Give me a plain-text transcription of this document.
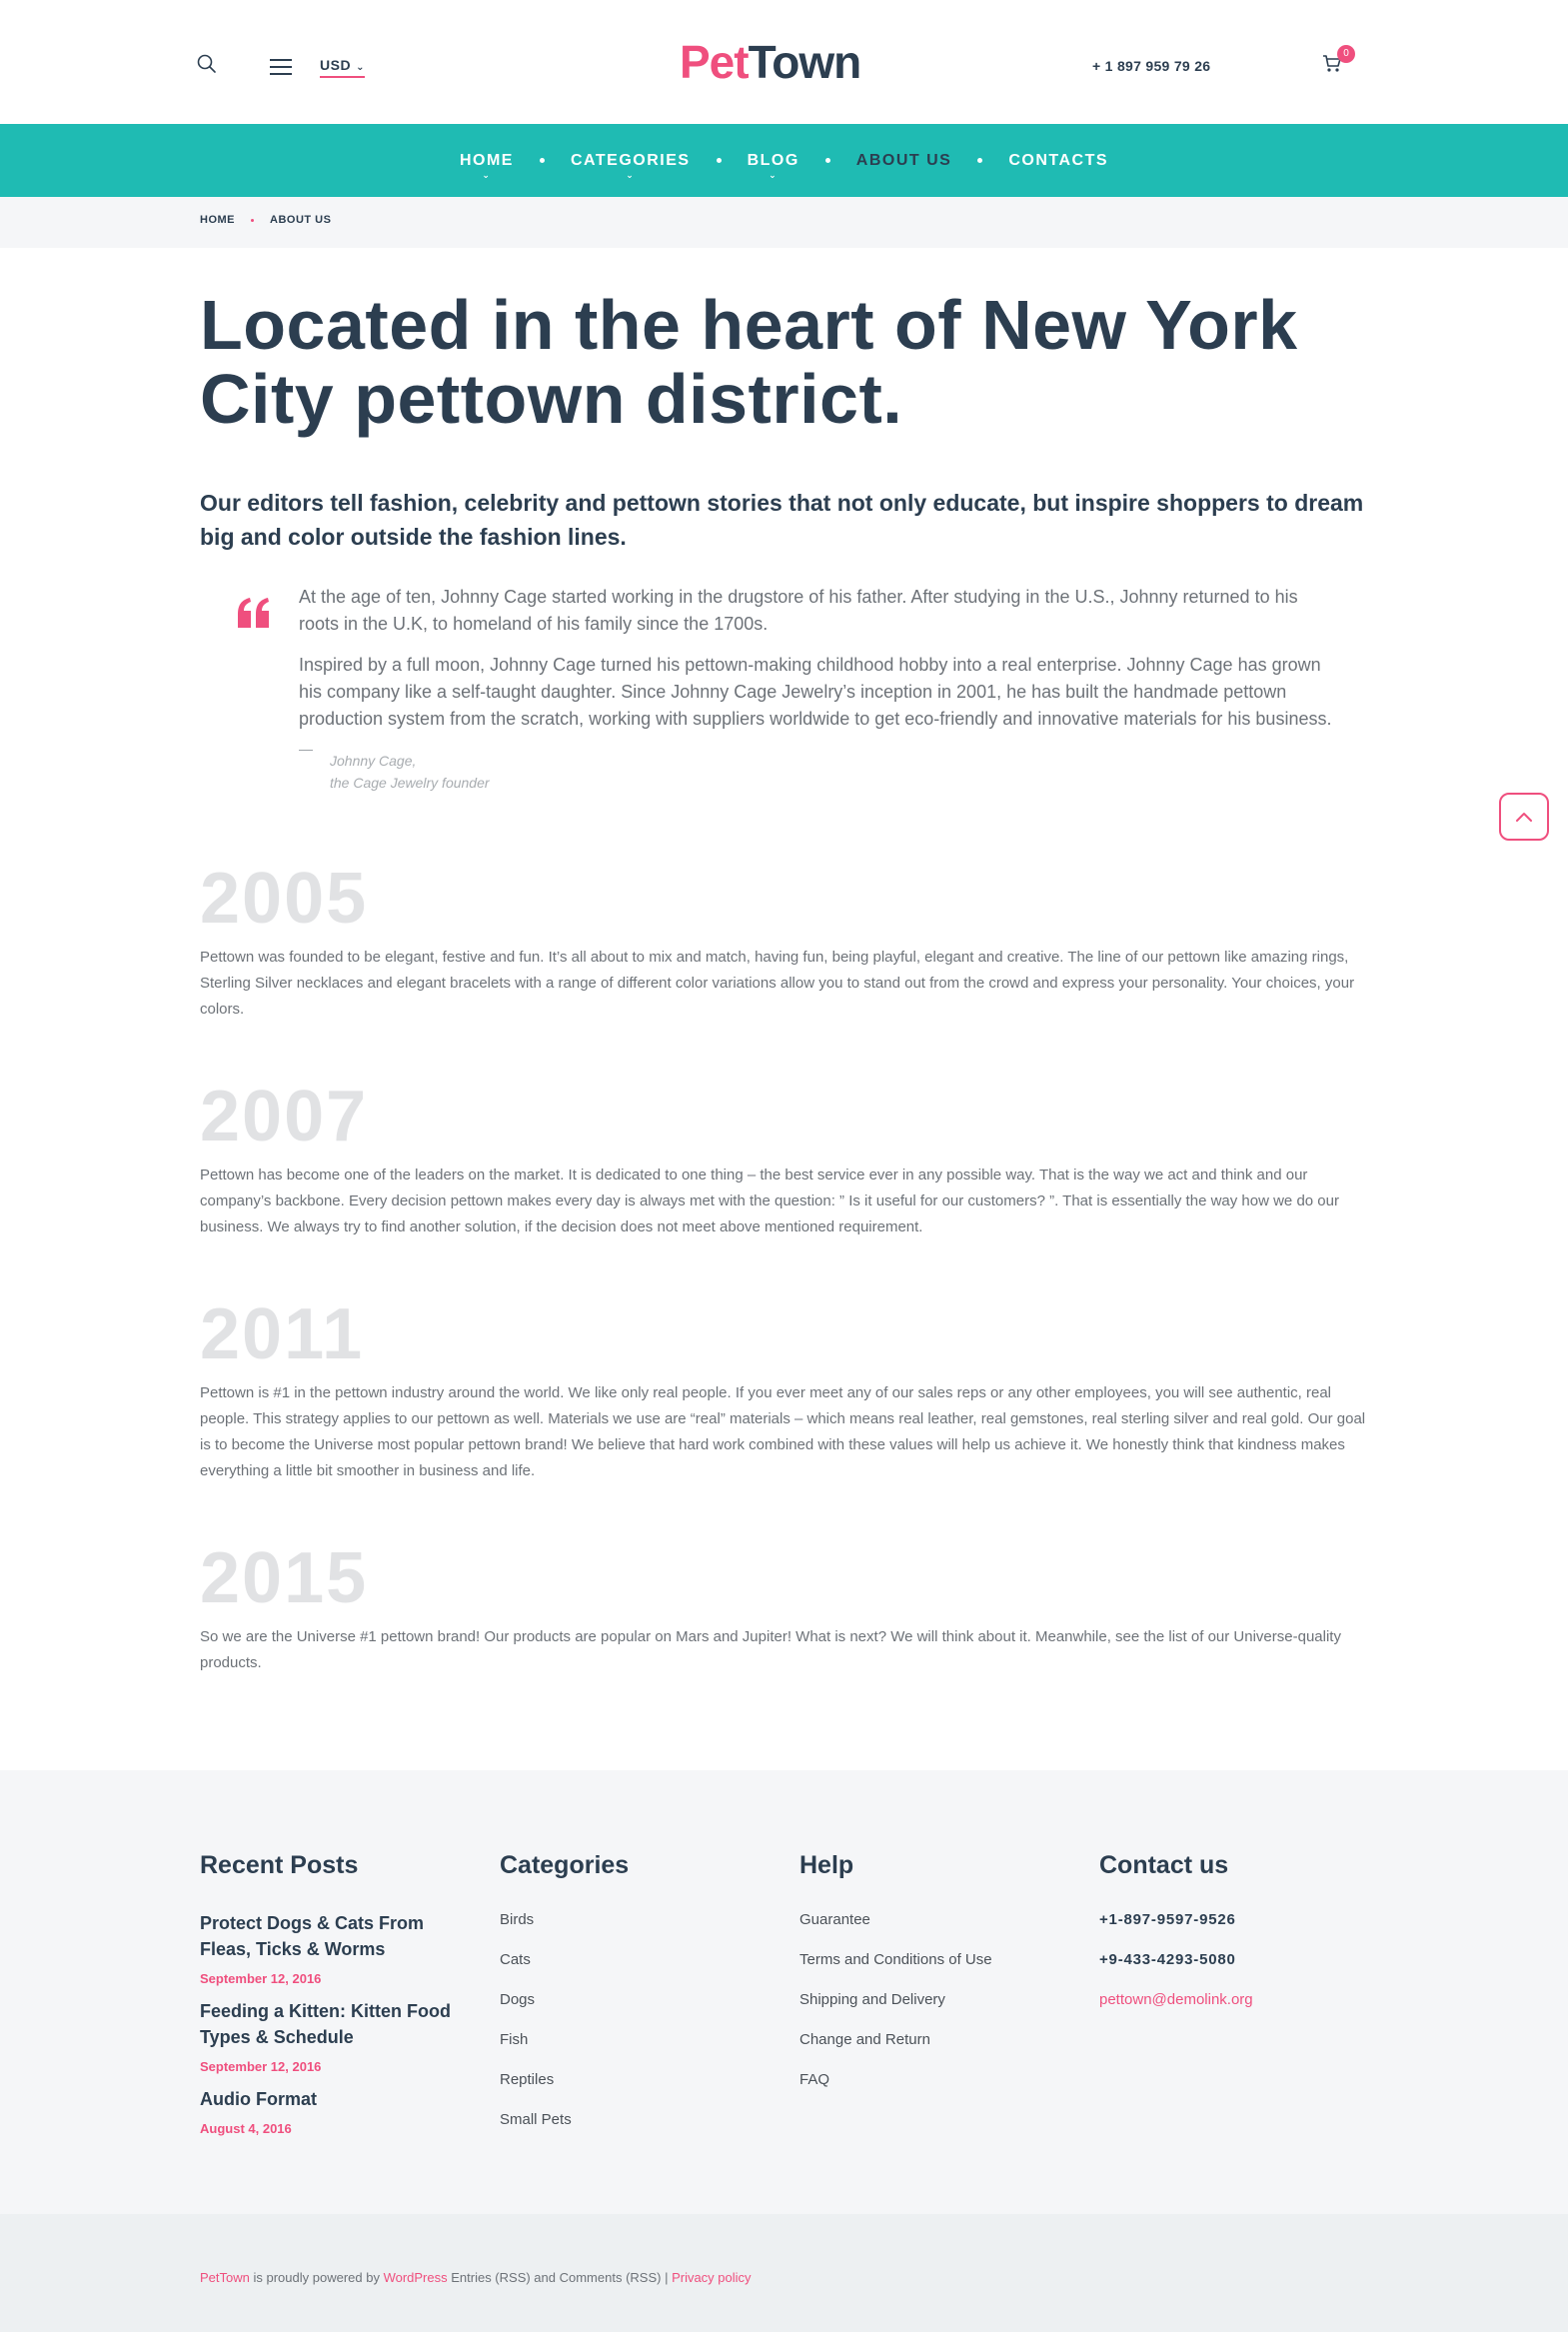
USD ⌄	PetTown	+ 1 897 959 79 26
0
HOME
⌄
CATEGORIES
⌄
BLOG
⌄
ABOUT US	CONTACTS
HOME	ABOUT US
Located in the heart of New York City pettown district.

Our editors tell fashion, celebrity and pettown stories that not only educate, but inspire shoppers to dream big and color outside the fashion lines.

At the age of ten, Johnny Cage started working in the drugstore of his father. After studying in the U.S., Johnny returned to his roots in the U.K, to homeland of his family since the 1700s.

Inspired by a full moon, Johnny Cage turned his pettown-making childhood hobby into a real enterprise. Johnny Cage has grown his company like a self-taught daughter. Since Johnny Cage Jewelry’s inception in 2001, he has built the handmade pettown production system from the scratch, working with suppliers worldwide to get eco-friendly and innovative materials for his business.

Johnny Cage,
the Cage Jewelry founder
2005

Pettown was founded to be elegant, festive and fun. It’s all about to mix and match, having fun, being playful, elegant and creative. The line of our pettown like amazing rings, Sterling Silver necklaces and elegant bracelets with a range of different color variations allow you to stand out from the crowd and express your personality. Your choices, your colors.

2007

Pettown has become one of the leaders on the market. It is dedicated to one thing – the best service ever in any possible way. That is the way we act and think and our company’s backbone. Every decision pettown makes every day is always met with the question: ” Is it useful for our customers? ”. That is essentially the way how we do our business. We always try to find another solution, if the decision does not meet above mentioned requirement.

2011

Pettown is #1 in the pettown industry around the world. We like only real people. If you ever meet any of our sales reps or any other employees, you will see authentic, real people. This strategy applies to our pettown as well. Materials we use are “real” materials – which means real leather, real gemstones, real sterling silver and real gold. Our goal is to become the Universe most popular pettown brand! We believe that hard work combined with these values will help us achieve it. We honestly think that kindness makes everything a little bit smoother in business and life.

2015

So we are the Universe #1 pettown brand! Our products are popular on Mars and Jupiter! What is next? We will think about it. Meanwhile, see the list of our Universe-quality products.

Recent Posts
Protect Dogs & Cats From Fleas, Ticks & Worms
September 12, 2016
Feeding a Kitten: Kitten Food Types & Schedule
September 12, 2016
Audio Format
August 4, 2016
Categories
Birds
Cats
Dogs
Fish
Reptiles
Small Pets
Help
Guarantee
Terms and Conditions of Use
Shipping and Delivery
Change and Return
FAQ
Contact us
+1-897-9597-9526
+9-433-4293-5080
pettown@demolink.org
PetTown is proudly powered by WordPress Entries (RSS) and Comments (RSS) | Privacy policy
